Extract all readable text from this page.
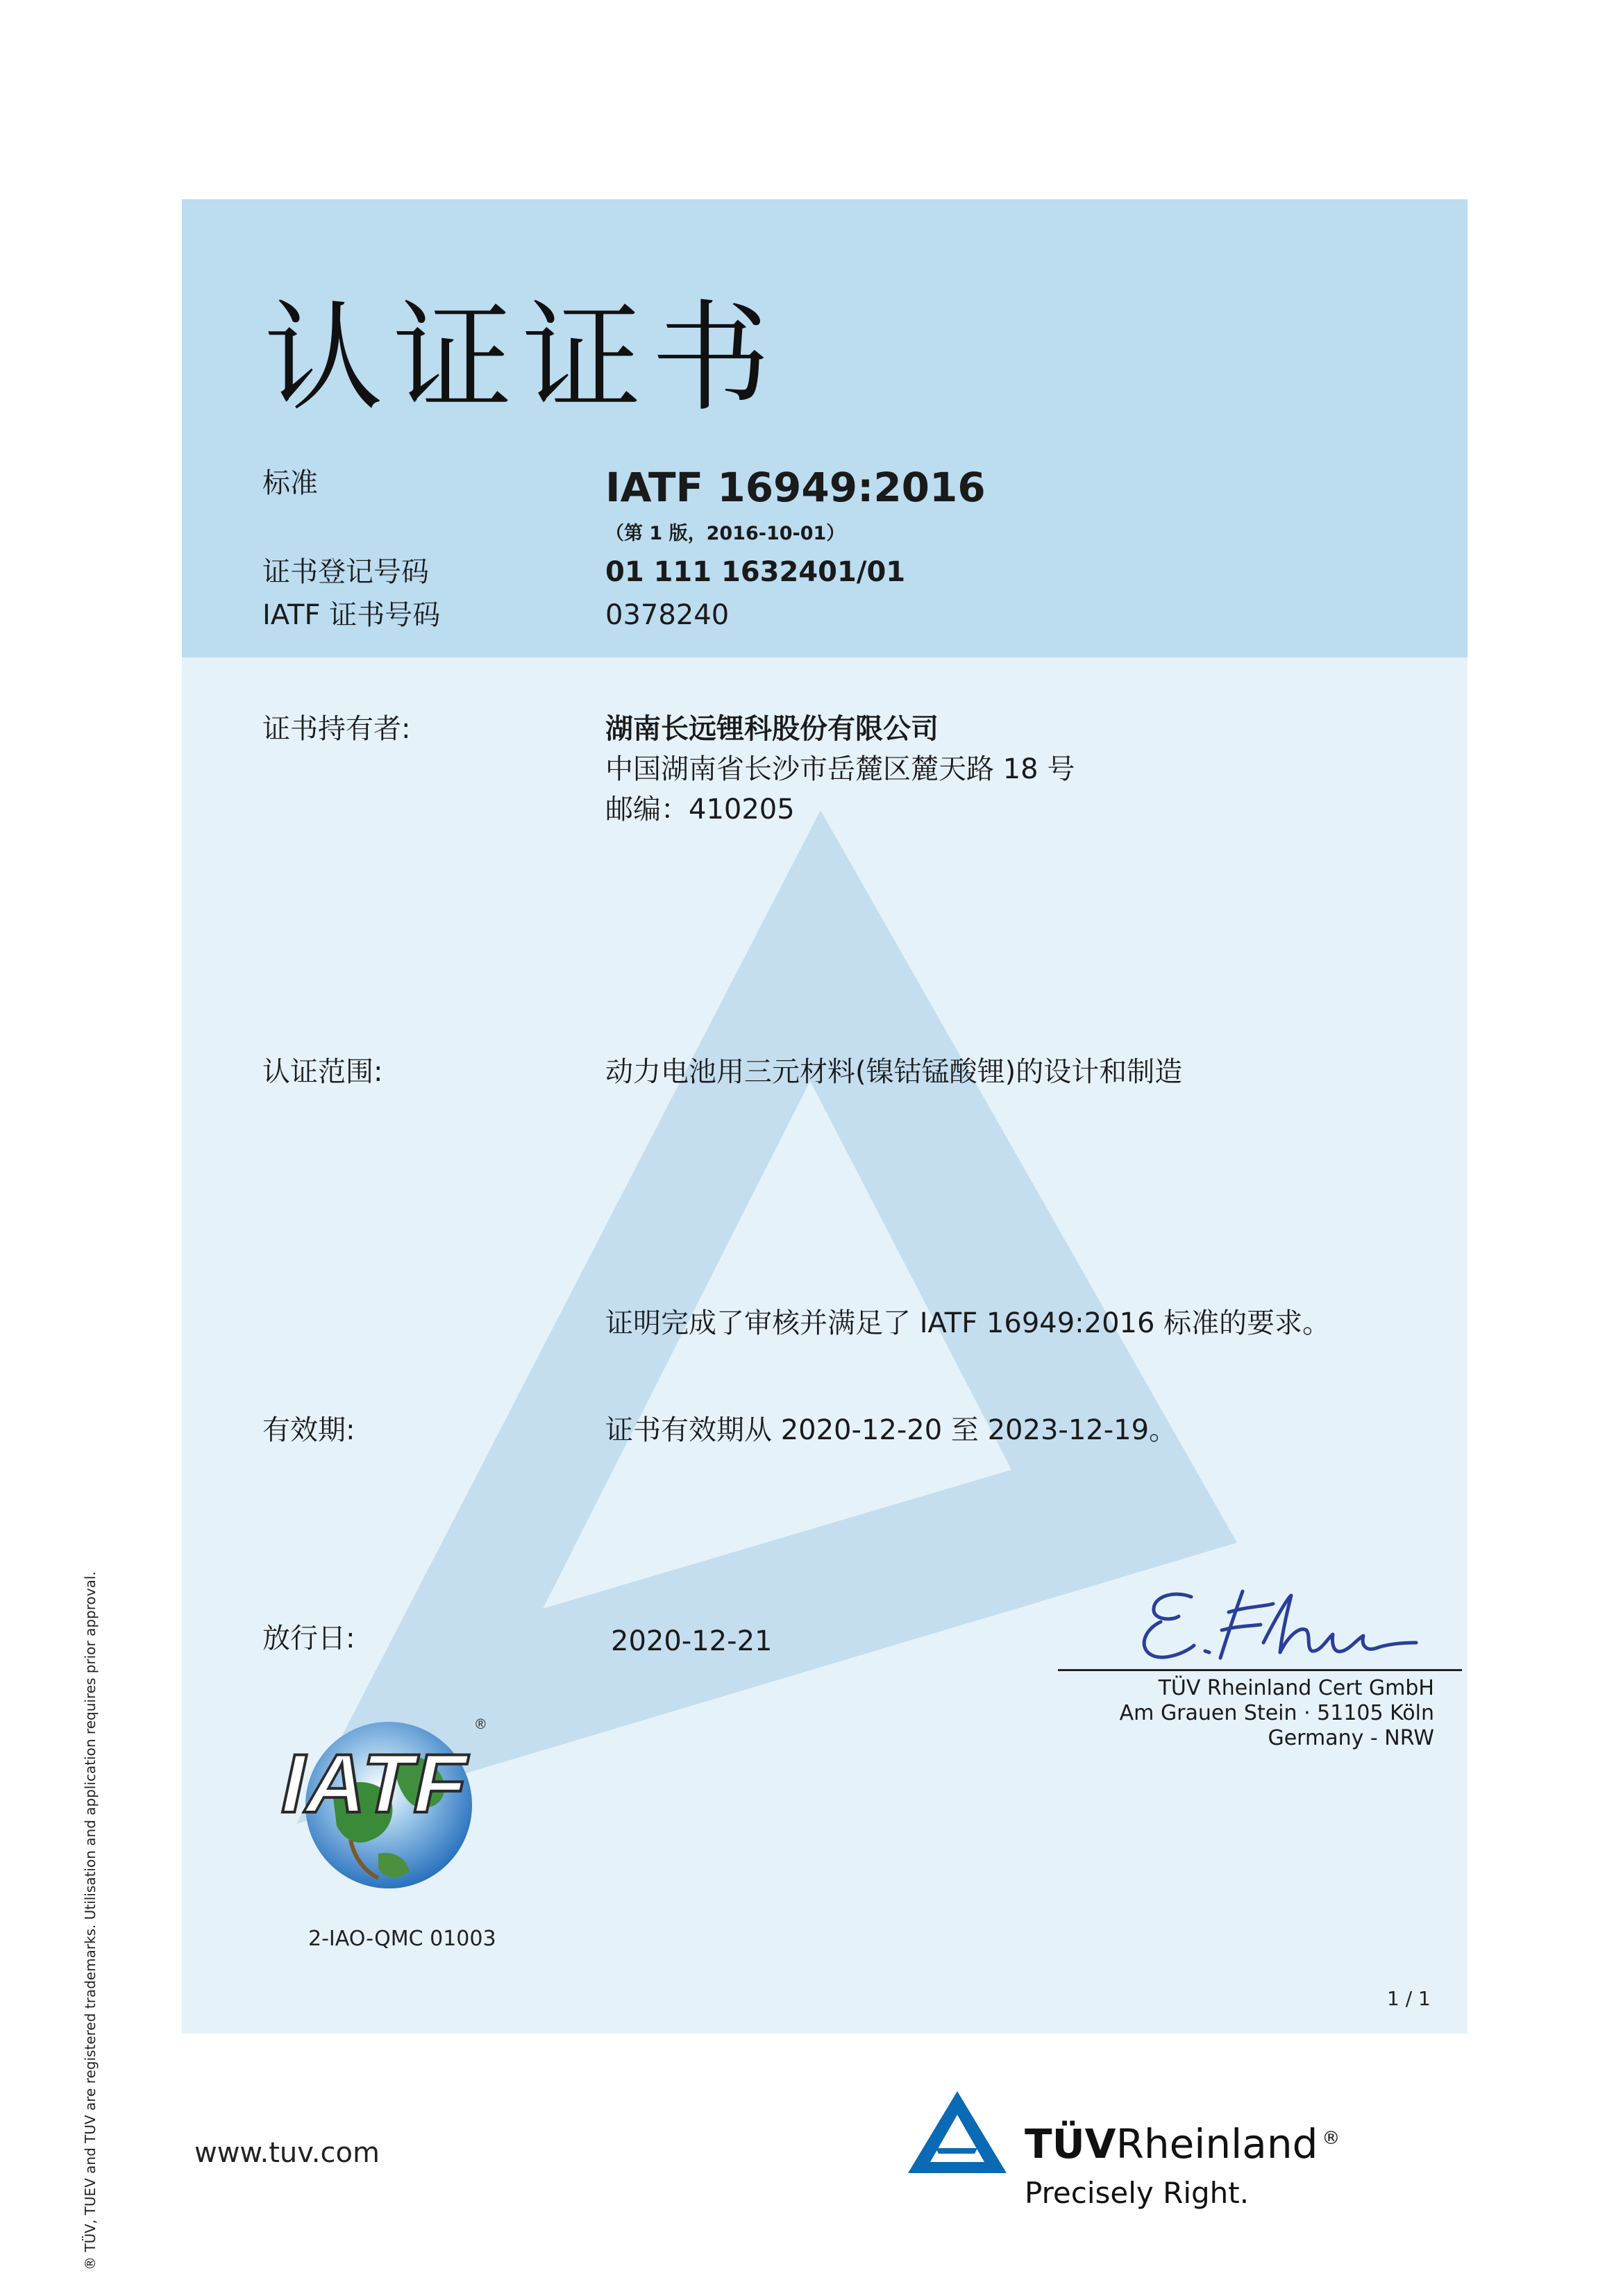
认证证书
标准	IATF 16949:2016
（第 1 版，2016-10-01）
证书登记号码	01 111 1632401/01
IATF 证书号码	0378240
证书持有者:	湖南长远锂科股份有限公司
中国湖南省长沙市岳麓区麓天路 18 号
邮编：410205
认证范围:	动力电池用三元材料(镍钴锰酸锂)的设计和制造
证明完成了审核并满足了 IATF 16949:2016 标准的要求。
有效期:	证书有效期从 2020-12-20 至 2023-12-19。
放行日:	2020-12-21
TÜV Rheinland Cert GmbH
Am Grauen Stein · 51105 Köln
Germany - NRW
IATF
®
2-IAO-QMC 01003
1 / 1
® TÜV, TUEV and TUV are registered trademarks. Utilisation and application requires prior approval.	www.tuv.com	TÜVRheinland ®
Precisely Right.
